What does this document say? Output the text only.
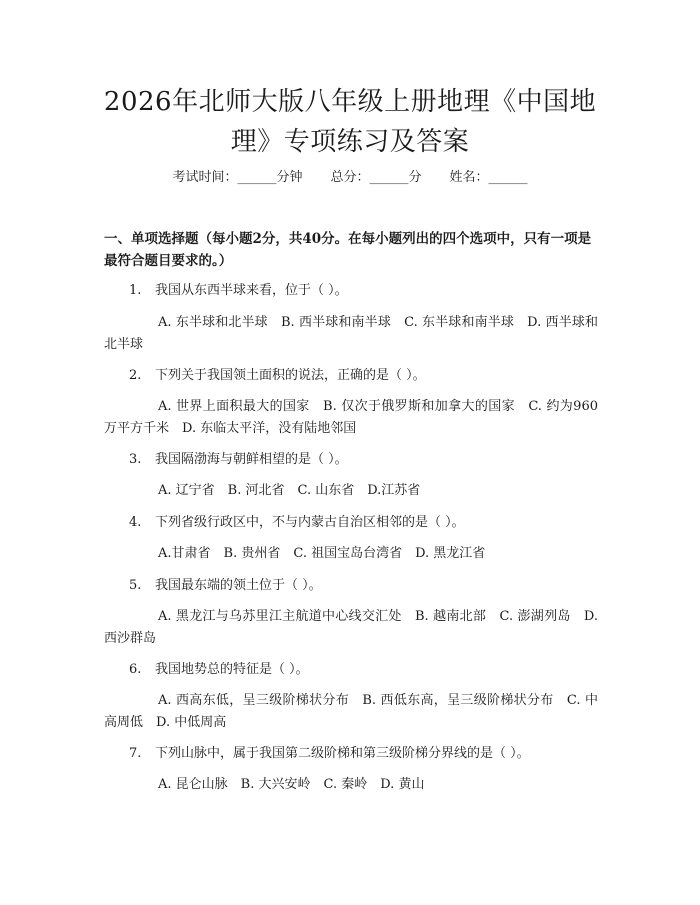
2026年北师大版八年级上册地理《中国地理》专项练习及答案
考试时间：______分钟 总分：______分 姓名：______
一、单项选择题（每小题2分，共40分。在每小题列出的四个选项中，只有一项是最符合题目要求的。）
1. 我国从东西半球来看，位于（ ）。
A. 东半球和北半球　B. 西半球和南半球　C. 东半球和南半球　D. 西半球和北半球
2. 下列关于我国领土面积的说法，正确的是（ ）。
A. 世界上面积最大的国家　B. 仅次于俄罗斯和加拿大的国家　C. 约为960万平方千米　D. 东临太平洋，没有陆地邻国
3. 我国隔渤海与朝鲜相望的是（ ）。
A. 辽宁省　B. 河北省　C. 山东省　D.江苏省
4. 下列省级行政区中，不与内蒙古自治区相邻的是（ ）。
A.甘肃省　B. 贵州省　C. 祖国宝岛台湾省　D. 黑龙江省
5. 我国最东端的领土位于（ ）。
A. 黑龙江与乌苏里江主航道中心线交汇处　B. 越南北部　C. 澎湖列岛　D. 西沙群岛
6. 我国地势总的特征是（ ）。
A. 西高东低，呈三级阶梯状分布　B. 西低东高，呈三级阶梯状分布　C. 中高周低　D. 中低周高
7. 下列山脉中，属于我国第二级阶梯和第三级阶梯分界线的是（ ）。
A. 昆仑山脉　B. 大兴安岭　C. 秦岭　D. 黄山
